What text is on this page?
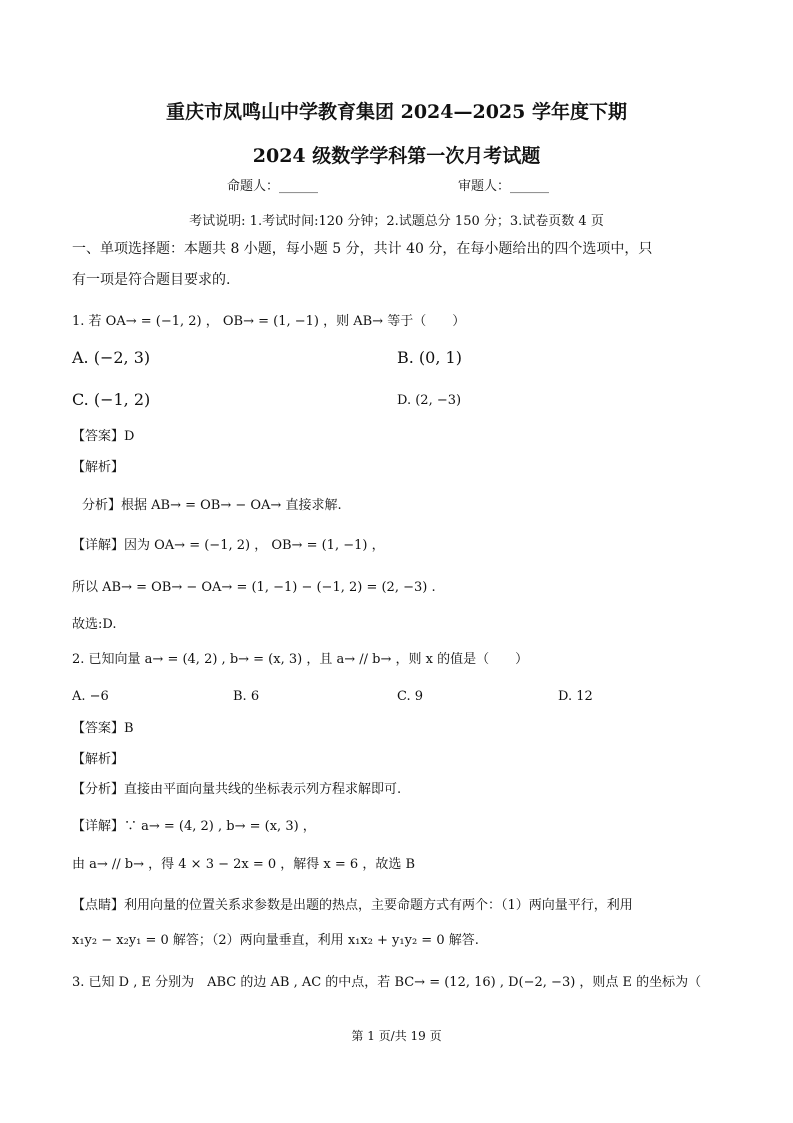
重庆市凤鸣山中学教育集团 2024—2025 学年度下期
2024 级数学学科第一次月考试题
命题人：______	审题人：______
考试说明: 1.考试时间:120 分钟；2.试题总分 150 分；3.试卷页数 4 页
一、单项选择题：本题共 8 小题，每小题 5 分，共计 40 分，在每小题给出的四个选项中，只
有一项是符合题目要求的.
1. 若 OA→ = (−1, 2) ， OB→ = (1, −1) ，则 AB→ 等于（　　）
A. (−2, 3)	B. (0, 1)
C. (−1, 2)	D. (2, −3)
【答案】D
【解析】
分析】根据 AB→ = OB→ − OA→ 直接求解.
【详解】因为 OA→ = (−1, 2) ， OB→ = (1, −1) ，
所以 AB→ = OB→ − OA→ = (1, −1) − (−1, 2) = (2, −3) .
故选:D.
2. 已知向量 a→ = (4, 2) , b→ = (x, 3) ，且 a→ // b→ ，则 x 的值是（　　）
A. −6	B. 6	C. 9	D. 12
【答案】B
【解析】
【分析】直接由平面向量共线的坐标表示列方程求解即可.
【详解】∵ a→ = (4, 2) , b→ = (x, 3) ，
由 a→ // b→ ，得 4 × 3 − 2x = 0 ，解得 x = 6 ，故选 B
【点睛】利用向量的位置关系求参数是出题的热点，主要命题方式有两个：（1）两向量平行，利用
x₁y₂ − x₂y₁ = 0 解答；（2）两向量垂直，利用 x₁x₂ + y₁y₂ = 0 解答.
3. 已知 D , E 分别为　ABC 的边 AB , AC 的中点，若 BC→ = (12, 16) , D(−2, −3) ，则点 E 的坐标为（
第 1 页/共 19 页
